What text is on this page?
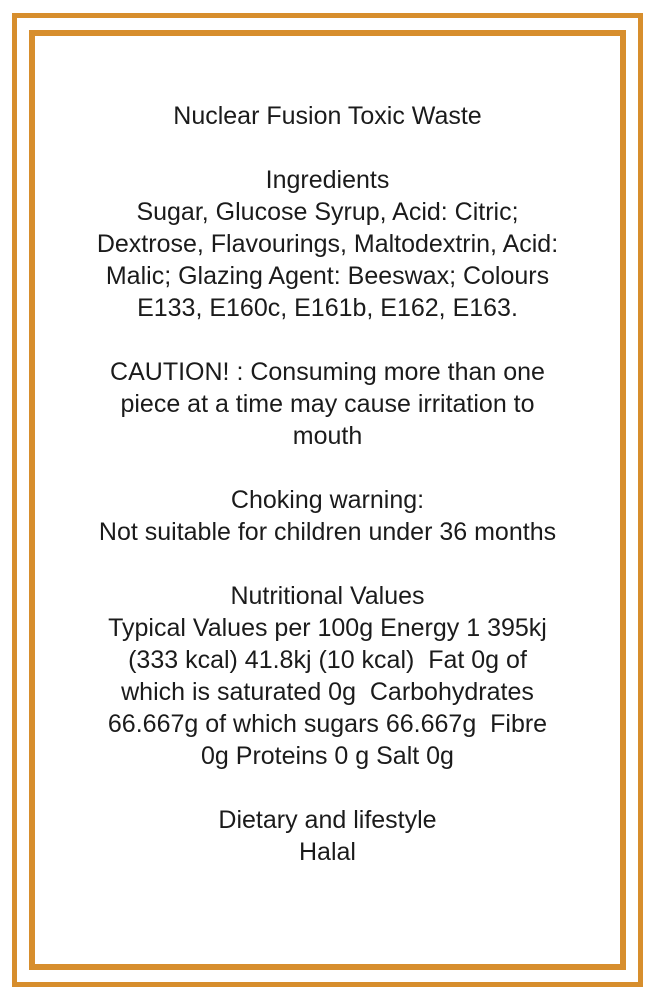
Nuclear Fusion Toxic Waste
Ingredients
Sugar, Glucose Syrup, Acid: Citric;
Dextrose, Flavourings, Maltodextrin, Acid:
Malic; Glazing Agent: Beeswax; Colours
E133, E160c, E161b, E162, E163.
CAUTION! : Consuming more than one
piece at a time may cause irritation to
mouth
Choking warning:
Not suitable for children under 36 months
Nutritional Values
Typical Values per 100g Energy 1 395kj
(333 kcal) 41.8kj (10 kcal)  Fat 0g of
which is saturated 0g  Carbohydrates
66.667g of which sugars 66.667g  Fibre
0g Proteins 0 g Salt 0g
Dietary and lifestyle
Halal
